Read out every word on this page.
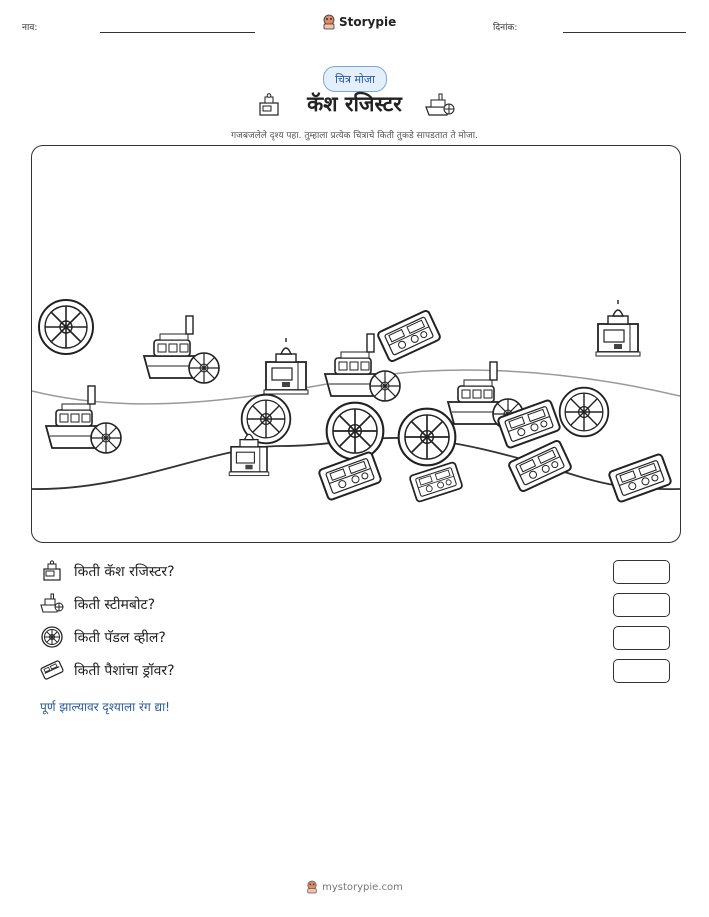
नाव:	Storypie	दिनांक:
चित्र मोजा
कॅश रजिस्टर
गजबजलेले दृश्य पहा. तुम्हाला प्रत्येक चित्राचे किती तुकडे सापडतात ते मोजा.
किती कॅश रजिस्टर?
किती स्टीमबोट?
किती पॅडल व्हील?
किती पैशांचा ड्रॉवर?
पूर्ण झाल्यावर दृश्याला रंग द्या!
mystorypie.com
